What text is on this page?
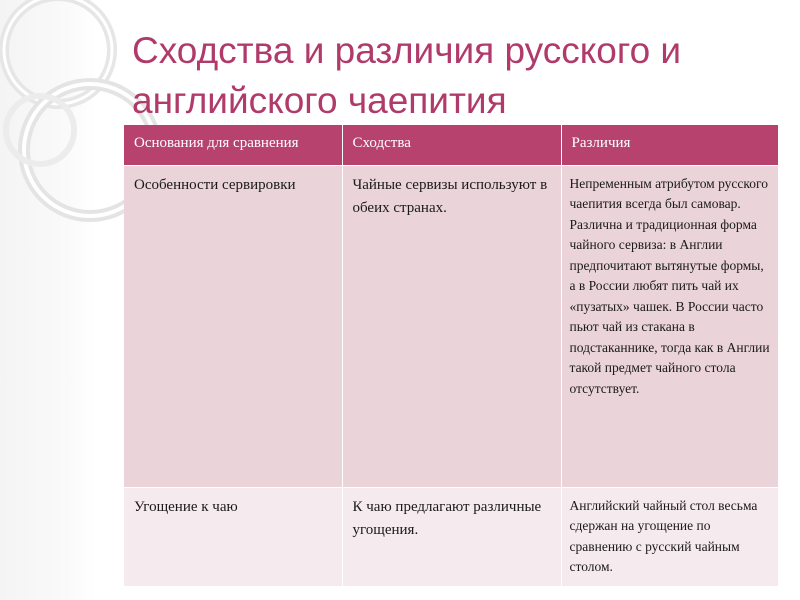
Сходства и различия русского и
английского чаепития
Основания для сравнения	Сходства	Различия
Особенности сервировки	Чайные сервизы используют в обеих странах.	Непременным атрибутом русского чаепития всегда был самовар. Различна и традиционная форма чайного сервиза: в Англии предпочитают вытянутые формы, а в России любят пить чай их «пузатых» чашек. В России часто пьют чай из стакана в подстаканнике, тогда как в Англии такой предмет чайного стола отсутствует.
Угощение к чаю	К чаю предлагают различные угощения.	Английский чайный стол весьма сдержан на угощение по сравнению с русский чайным столом.
